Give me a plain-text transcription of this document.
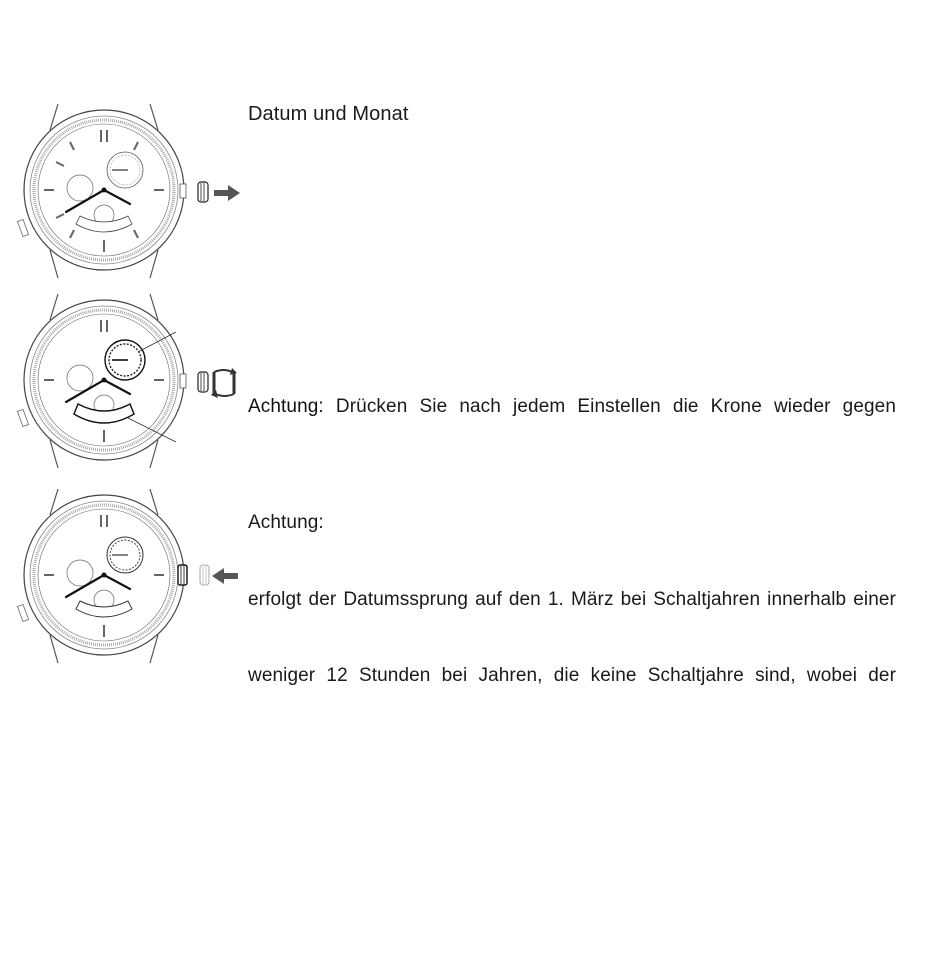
Datum und Monat
Achtung: Drücken Sie nach jedem Einstellen die Krone wieder gegen
Achtung:
erfolgt der Datumssprung auf den 1. März bei Schaltjahren innerhalb einer
weniger 12 Stunden bei Jahren, die keine Schaltjahre sind, wobei der
